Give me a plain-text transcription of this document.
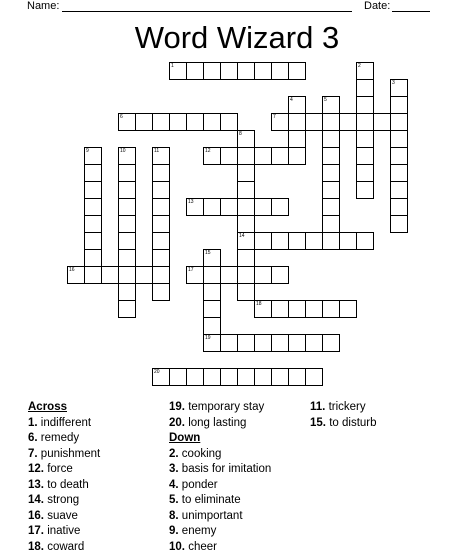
Name:	Date:
Word Wizard 3
1	2
3
4	5
6	7
8
9	10	11	12
13
14
15
16	17
18
19
20
Across
1. indifferent
6. remedy
7. punishment
12. force
13. to death
14. strong
16. suave
17. inative
18. coward
19. temporary stay
20. long lasting
Down
2. cooking
3. basis for imitation
4. ponder
5. to eliminate
8. unimportant
9. enemy
10. cheer
11. trickery
15. to disturb
